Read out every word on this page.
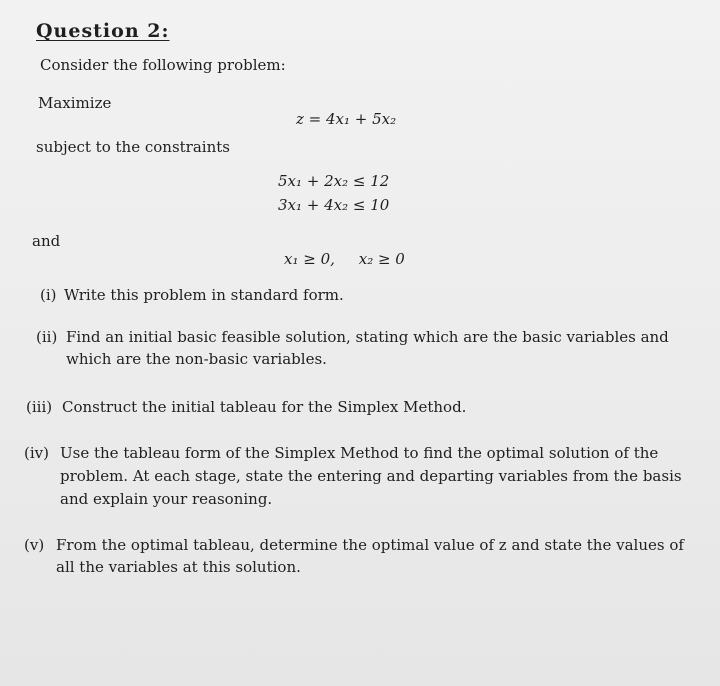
Question 2:
Consider the following problem:
Maximize
z = 4x₁ + 5x₂
subject to the constraints
5x₁ + 2x₂ ≤ 12
3x₁ + 4x₂ ≤ 10
and
x₁ ≥ 0,     x₂ ≥ 0
(i) Write this problem in standard form.
(ii) Find an initial basic feasible solution, stating which are the basic variables and which are the non-basic variables.
(iii) Construct the initial tableau for the Simplex Method.
(iv) Use the tableau form of the Simplex Method to find the optimal solution of the problem. At each stage, state the entering and departing variables from the basis and explain your reasoning.
(v) From the optimal tableau, determine the optimal value of z and state the values of all the variables at this solution.
